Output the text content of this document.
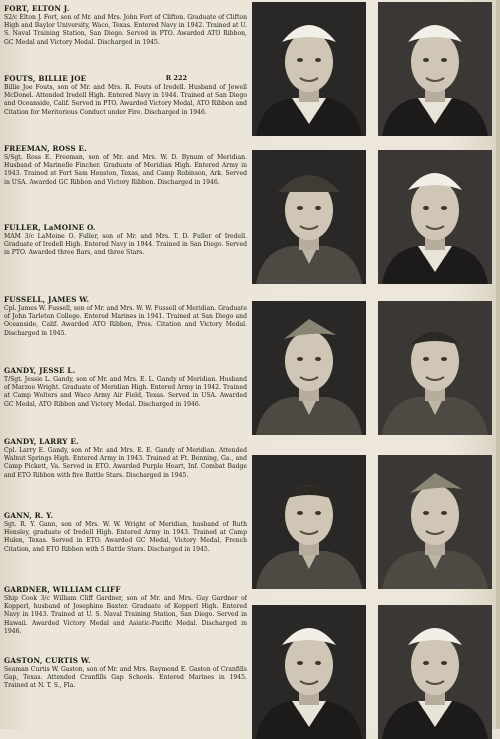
FORT, ELTON J.
S2/c Elton J. Fort, son of Mr. and Mrs. John Fort of Clifton. Graduate of Clifton High and Baylor University, Waco, Texas. Entered Navy in 1942. Trained at U. S. Naval Training Station, San Diego. Served in PTO. Awarded ATO Ribbon, GC Medal and Victory Medal. Discharged in 1945.
FOUTS, BILLIE JOE	R 222
Billie Joe Fouts, son of Mr. and Mrs. R. Fouts of Iredell. Husband of Jewell McDonel. Attended Iredell High. Entered Navy in 1944. Trained at San Diego and Oceanside, Calif. Served in PTO. Awarded Victory Medal, ATO Ribbon and Citation for Meritorious Conduct under Fire. Discharged in 1946.
FREEMAN, ROSS E.
S/Sgt. Ross E. Freeman, son of Mr. and Mrs. W. D. Bynum of Meridian. Husband of Marinelle Fincher. Graduate of Meridian High. Entered Army in 1943. Trained at Fort Sam Houston, Texas, and Camp Robinson, Ark. Served in USA. Awarded GC Ribbon and Victory Ribbon. Discharged in 1946.
FULLER, LaMOINE O.
MAM 3/c LaMoine O. Fuller, son of Mr. and Mrs. T. D. Fuller of Iredell. Graduate of Iredell High. Entered Navy in 1944. Trained in San Diego. Served in PTO. Awarded three Bars, and three Stars.
FUSSELL, JAMES W.
Cpl. James W. Fussell, son of Mr. and Mrs. W. W. Fussell of Meridian. Graduate of John Tarleton College. Entered Marines in 1941. Trained at San Diego and Oceanside, Calif. Awarded ATO Ribbon, Pres. Citation and Victory Medal. Discharged in 1945.
GANDY, JESSE L.
T/Sgt. Jessie L. Gandy, son of Mr. and Mrs. E. L. Gandy of Meridian. Husband of Marzee Wright. Graduate of Meridian High. Entered Army in 1942. Trained at Camp Wolters and Waco Army Air Field, Texas. Served in USA. Awarded GC Medal, ATO Ribbon and Victory Medal. Discharged in 1946.
GANDY, LARRY E.
Cpl. Larry E. Gandy, son of Mr. and Mrs. E. E. Gandy of Meridian. Attended Walnut Springs High. Entered Army in 1943. Trained at Ft. Benning, Ga., and Camp Pickett, Va. Served in ETO. Awarded Purple Heart, Inf. Combat Badge and ETO Ribbon with five Battle Stars. Discharged in 1945.
GANN, R. Y.
Sgt. R. Y. Gann, son of Mrs. W. W. Wright of Meridian, husband of Ruth Hensley, graduate of Iredell High. Entered Army in 1943. Trained at Camp Hulen, Texas. Served in ETO. Awarded GC Medal, Victory Medal, French Citation, and ETO Ribbon with 5 Battle Stars. Discharged in 1945.
GARDNER, WILLIAM CLIFF
Ship Cook 3/c William Cliff Gardner, son of Mr. and Mrs. Guy Gardner of Kopperl, husband of Josephine Baxter. Graduate of Kopperl High. Entered Navy in 1943. Trained at U. S. Naval Training Station, San Diego. Served in Hawaii. Awarded Victory Medal and Asiatic-Pacific Medal. Discharged in 1946.
GASTON, CURTIS W.
Seaman Curtis W. Gaston, son of Mr. and Mrs. Raymond E. Gaston of Cranfills Gap, Texas. Attended Cranfills Gap Schools. Entered Marines in 1945. Trained at N. T. S., Fla.
